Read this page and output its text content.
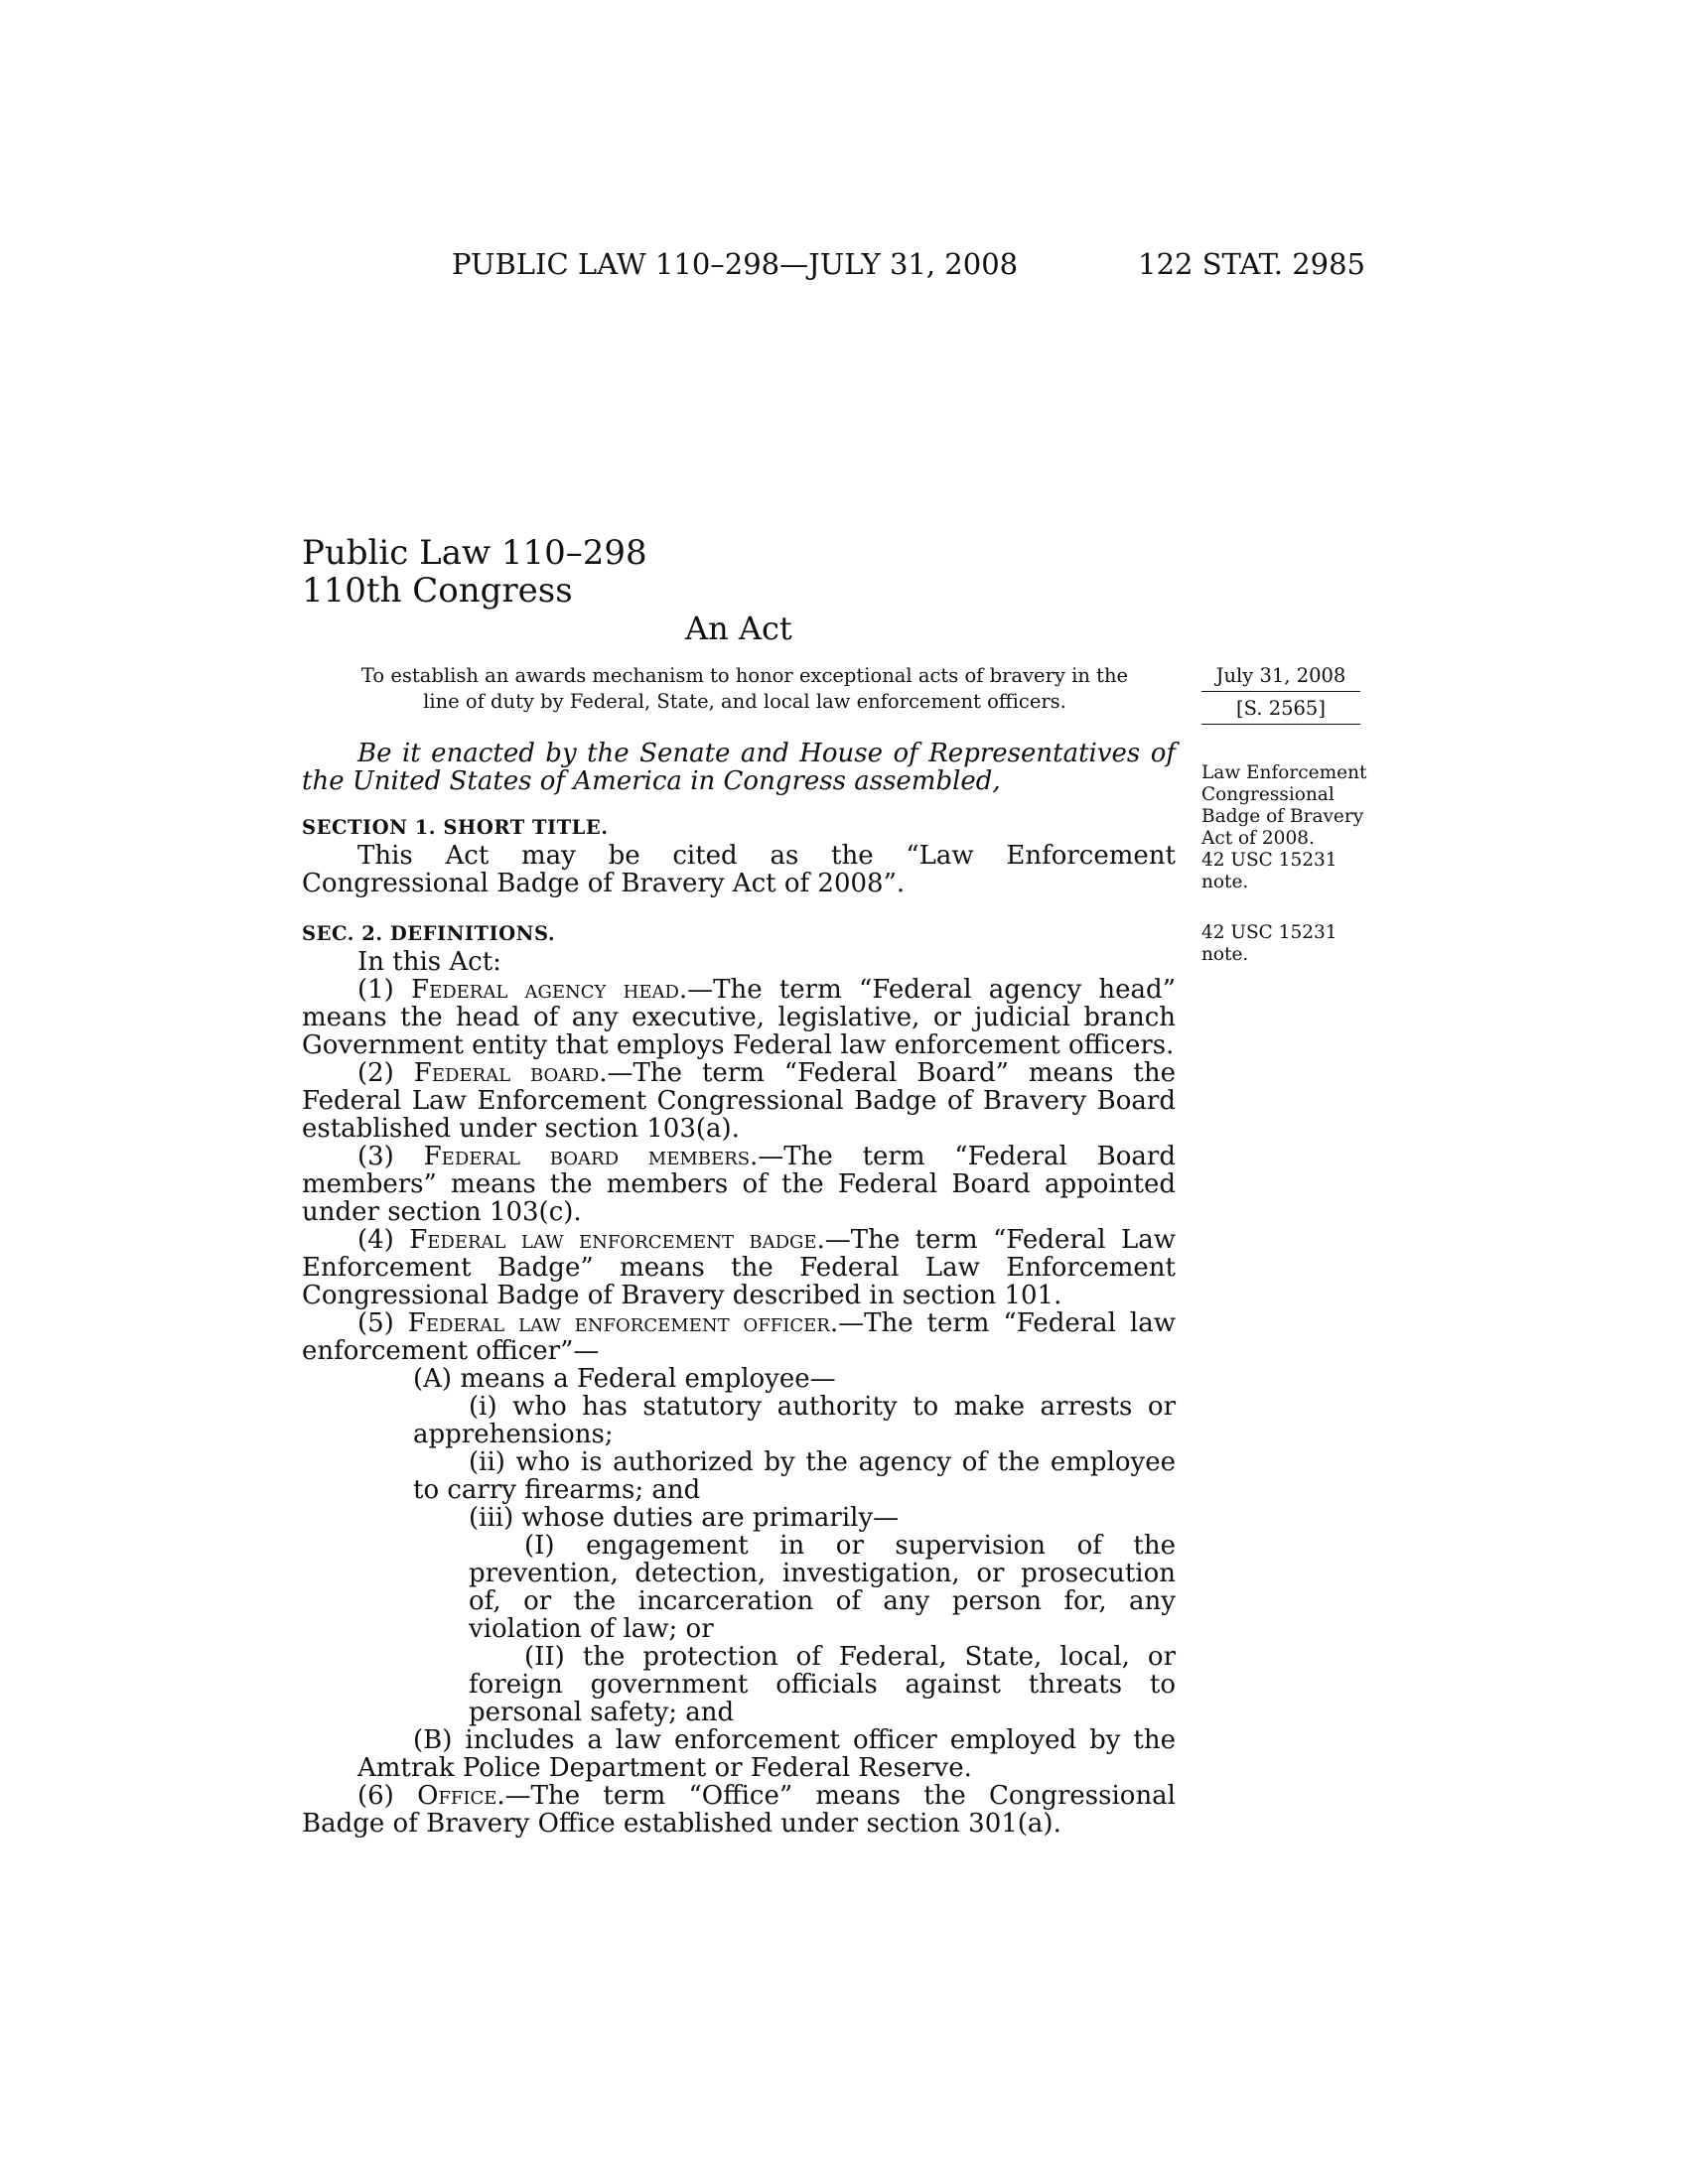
PUBLIC LAW 110–298—JULY 31, 2008	122 STAT. 2985
Public Law 110–298
110th Congress
An Act
To establish an awards mechanism to honor exceptional acts of bravery in the
line of duty by Federal, State, and local law enforcement officers.
July 31, 2008
[S. 2565]
Be it enacted by the Senate and House of Representatives of the United States of America in Congress assembled,
SECTION 1. SHORT TITLE.

This Act may be cited as the “Law Enforcement Congressional Badge of Bravery Act of 2008”.

Law Enforcement
Congressional
Badge of Bravery
Act of 2008.
42 USC 15231
note.
SEC. 2. DEFINITIONS.	42 USC 15231
note.

In this Act:

(1) Federal agency head.—The term “Federal agency head” means the head of any executive, legislative, or judicial branch Government entity that employs Federal law enforcement officers.

(2) Federal board.—The term “Federal Board” means the Federal Law Enforcement Congressional Badge of Bravery Board established under section 103(a).

(3) Federal board members.—The term “Federal Board members” means the members of the Federal Board appointed under section 103(c).

(4) Federal law enforcement badge.—The term “Federal Law Enforcement Badge” means the Federal Law Enforcement Congressional Badge of Bravery described in section 101.

(5) Federal law enforcement officer.—The term “Federal law enforcement officer”—

(A) means a Federal employee—

(i) who has statutory authority to make arrests or apprehensions;

(ii) who is authorized by the agency of the employee to carry firearms; and

(iii) whose duties are primarily—

(I) engagement in or supervision of the prevention, detection, investigation, or prosecution of, or the incarceration of any person for, any violation of law; or

(II) the protection of Federal, State, local, or foreign government officials against threats to personal safety; and

(B) includes a law enforcement officer employed by the Amtrak Police Department or Federal Reserve.

(6) Office.—The term “Office” means the Congressional Badge of Bravery Office established under section 301(a).
